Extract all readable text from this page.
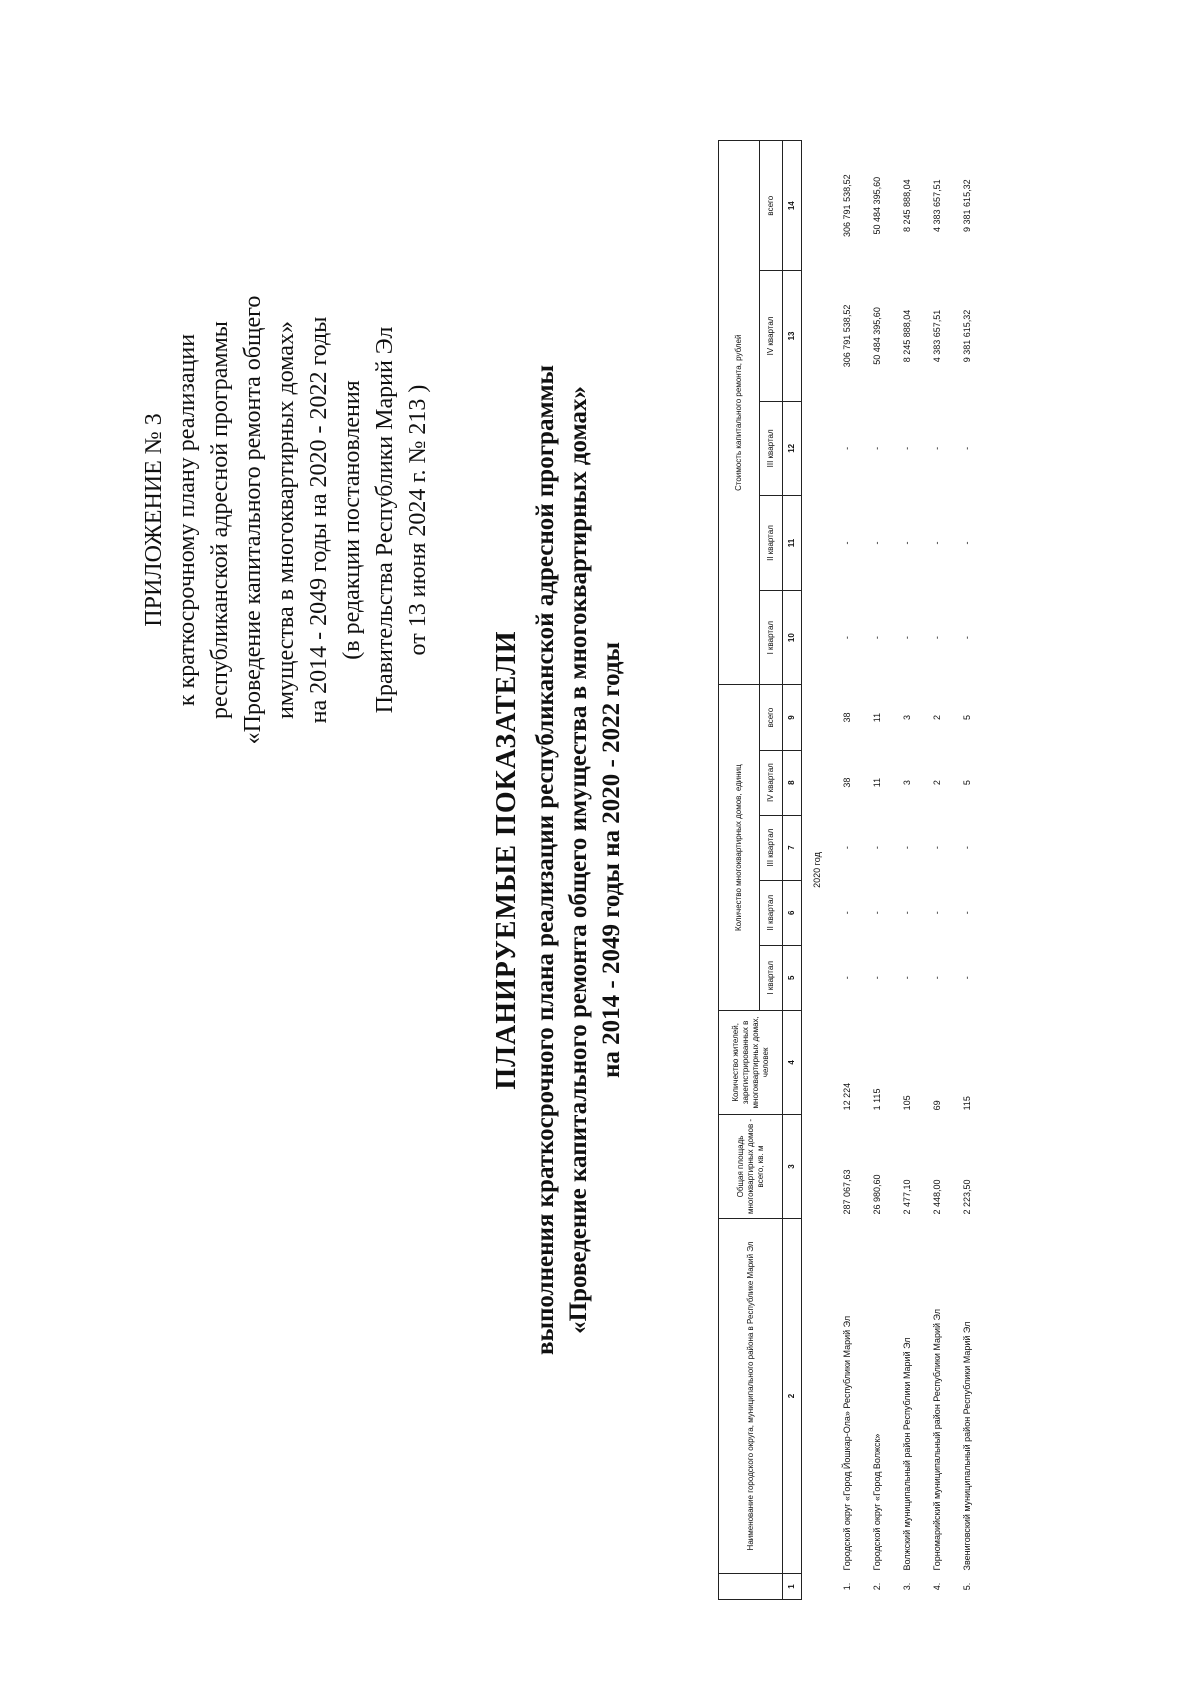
ПРИЛОЖЕНИЕ № 3 к краткосрочному плану реализации республиканской адресной программы «Проведение капитального ремонта общего имущества в многоквартирных домах» на 2014 - 2049 годы на 2020 - 2022 годы (в редакции постановления Правительства Республики Марий Эл от 13 июня 2024 г. № 213 )
ПЛАНИРУЕМЫЕ ПОКАЗАТЕЛИ выполнения краткосрочного плана реализации республиканской адресной программы «Проведение капитального ремонта общего имущества в многоквартирных домах» на 2014 - 2049 годы на 2020 - 2022 годы
	Наименование городского округа, муниципального района в Республике Марий Эл	Общая площадь многоквартирных домов - всего, кв. м	Количество жителей, зарегистрированных в многоквартирных домах, человек	Количество многоквартирных домов, единиц					Стоимость капитального ремонта, рублей				
				I квартал	II квартал	III квартал	IV квартал	всего	I квартал	II квартал	III квартал	IV квартал	всего
1	2	3	4	5	6	7	8	9	10	11	12	13	14
2020 год													
1.	Городской округ «Город Йошкар-Ола» Республики Марий Эл	287 067,63	12 224	-	-	-	38	38	-	-	-	306 791 538,52	306 791 538,52
2.	Городской округ «Город Волжск»	26 980,60	1 115	-	-	-	11	11	-	-	-	50 484 395,60	50 484 395,60
3.	Волжский муниципальный район Республики Марий Эл	2 477,10	105	-	-	-	3	3	-	-	-	8 245 888,04	8 245 888,04
4.	Горномарийский муниципальный район Республики Марий Эл	2 448,00	69	-	-	-	2	2	-	-	-	4 383 657,51	4 383 657,51
5.	Звениговский муниципальный район Республики Марий Эл	2 223,50	115	-	-	-	5	5	-	-	-	9 381 615,32	9 381 615,32
